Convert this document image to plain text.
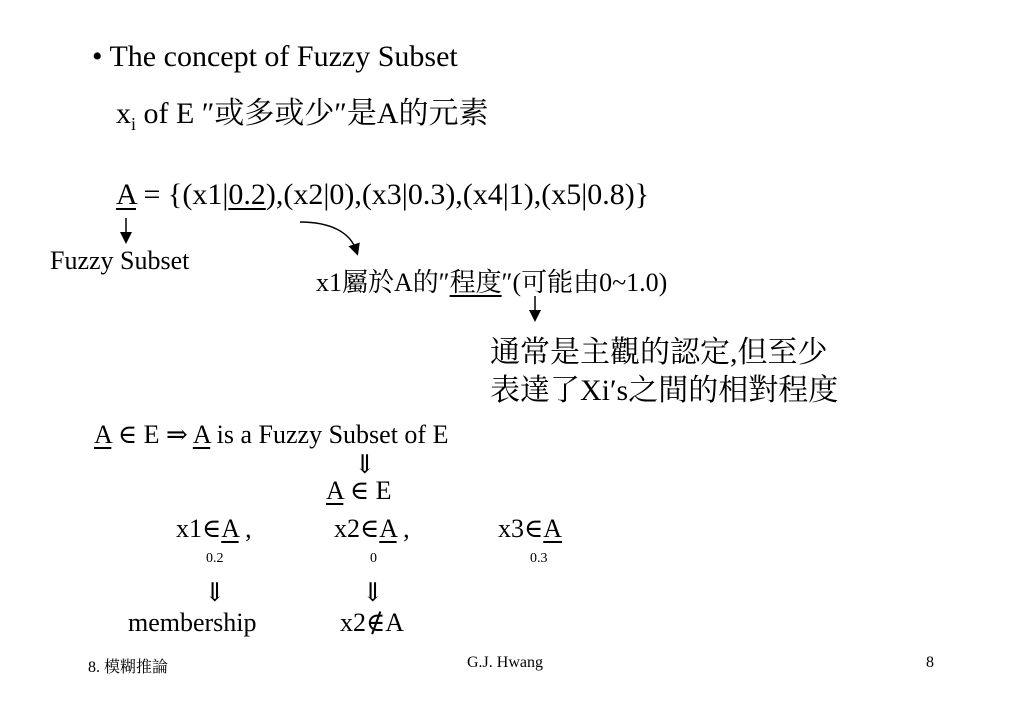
• The concept of Fuzzy Subset
$x_i$ of E ″或多或少″是A的元素
A = {(x1|0.2),(x2|0),(x3|0.3),(x4|1),(x5|0.8)}
Fuzzy Subset
x1屬於A的″程度″(可能由0~1.0)
通常是主觀的認定,但至少
表達了Xi′s之間的相對程度
A ∈ E ⇒ A is a Fuzzy Subset of E
⇓
A ∈ E
x1∈A ,
0.2
x2∈A ,
0
x3∈A
0.3
⇓	⇓
membership	x2∉A
8. 模糊推論	G.J. Hwang	8
